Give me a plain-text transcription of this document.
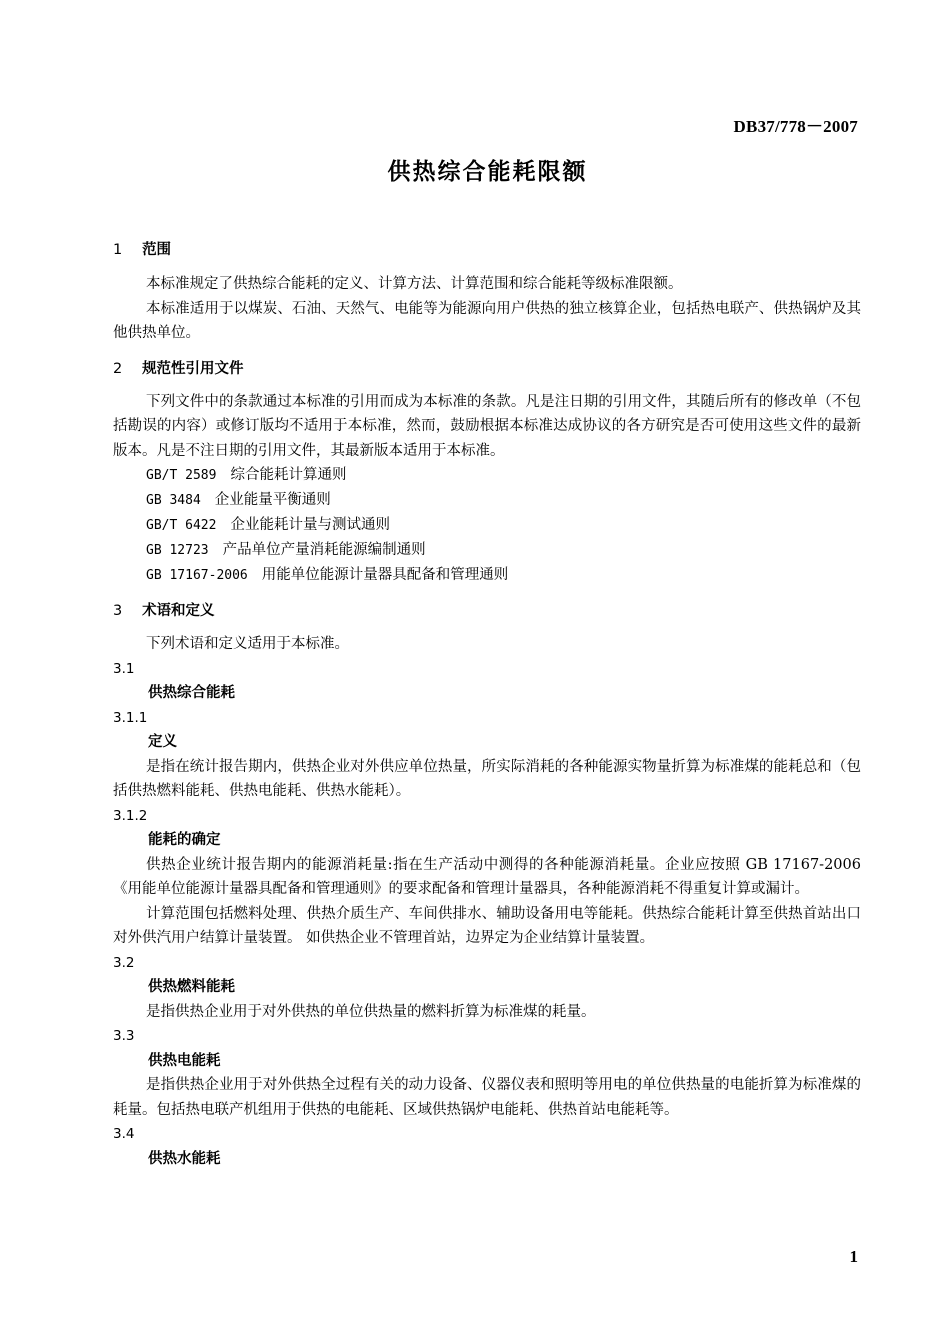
DB37/778－2007
供热综合能耗限额

1 范围

本标准规定了供热综合能耗的定义、计算方法、计算范围和综合能耗等级标准限额。

本标准适用于以煤炭、石油、天然气、电能等为能源向用户供热的独立核算企业，包括热电联产、供热锅炉及其他供热单位。

2 规范性引用文件

下列文件中的条款通过本标准的引用而成为本标准的条款。凡是注日期的引用文件，其随后所有的修改单（不包括勘误的内容）或修订版均不适用于本标准，然而，鼓励根据本标准达成协议的各方研究是否可使用这些文件的最新版本。凡是不注日期的引用文件，其最新版本适用于本标准。

GB/T 2589 综合能耗计算通则

GB 3484 企业能量平衡通则

GB/T 6422 企业能耗计量与测试通则

GB 12723 产品单位产量消耗能源编制通则

GB 17167-2006 用能单位能源计量器具配备和管理通则

3 术语和定义

下列术语和定义适用于本标准。

3.1

供热综合能耗

3.1.1

定义

是指在统计报告期内，供热企业对外供应单位热量，所实际消耗的各种能源实物量折算为标准煤的能耗总和（包括供热燃料能耗、供热电能耗、供热水能耗）。

3.1.2

能耗的确定

供热企业统计报告期内的能源消耗量:指在生产活动中测得的各种能源消耗量。企业应按照 GB 17167-2006 《用能单位能源计量器具配备和管理通则》的要求配备和管理计量器具，各种能源消耗不得重复计算或漏计。

计算范围包括燃料处理、供热介质生产、车间供排水、辅助设备用电等能耗。供热综合能耗计算至供热首站出口对外供汽用户结算计量装置。 如供热企业不管理首站，边界定为企业结算计量装置。

3.2

供热燃料能耗

是指供热企业用于对外供热的单位供热量的燃料折算为标准煤的耗量。

3.3

供热电能耗

是指供热企业用于对外供热全过程有关的动力设备、仪器仪表和照明等用电的单位供热量的电能折算为标准煤的耗量。包括热电联产机组用于供热的电能耗、区域供热锅炉电能耗、供热首站电能耗等。

3.4

供热水能耗

1
